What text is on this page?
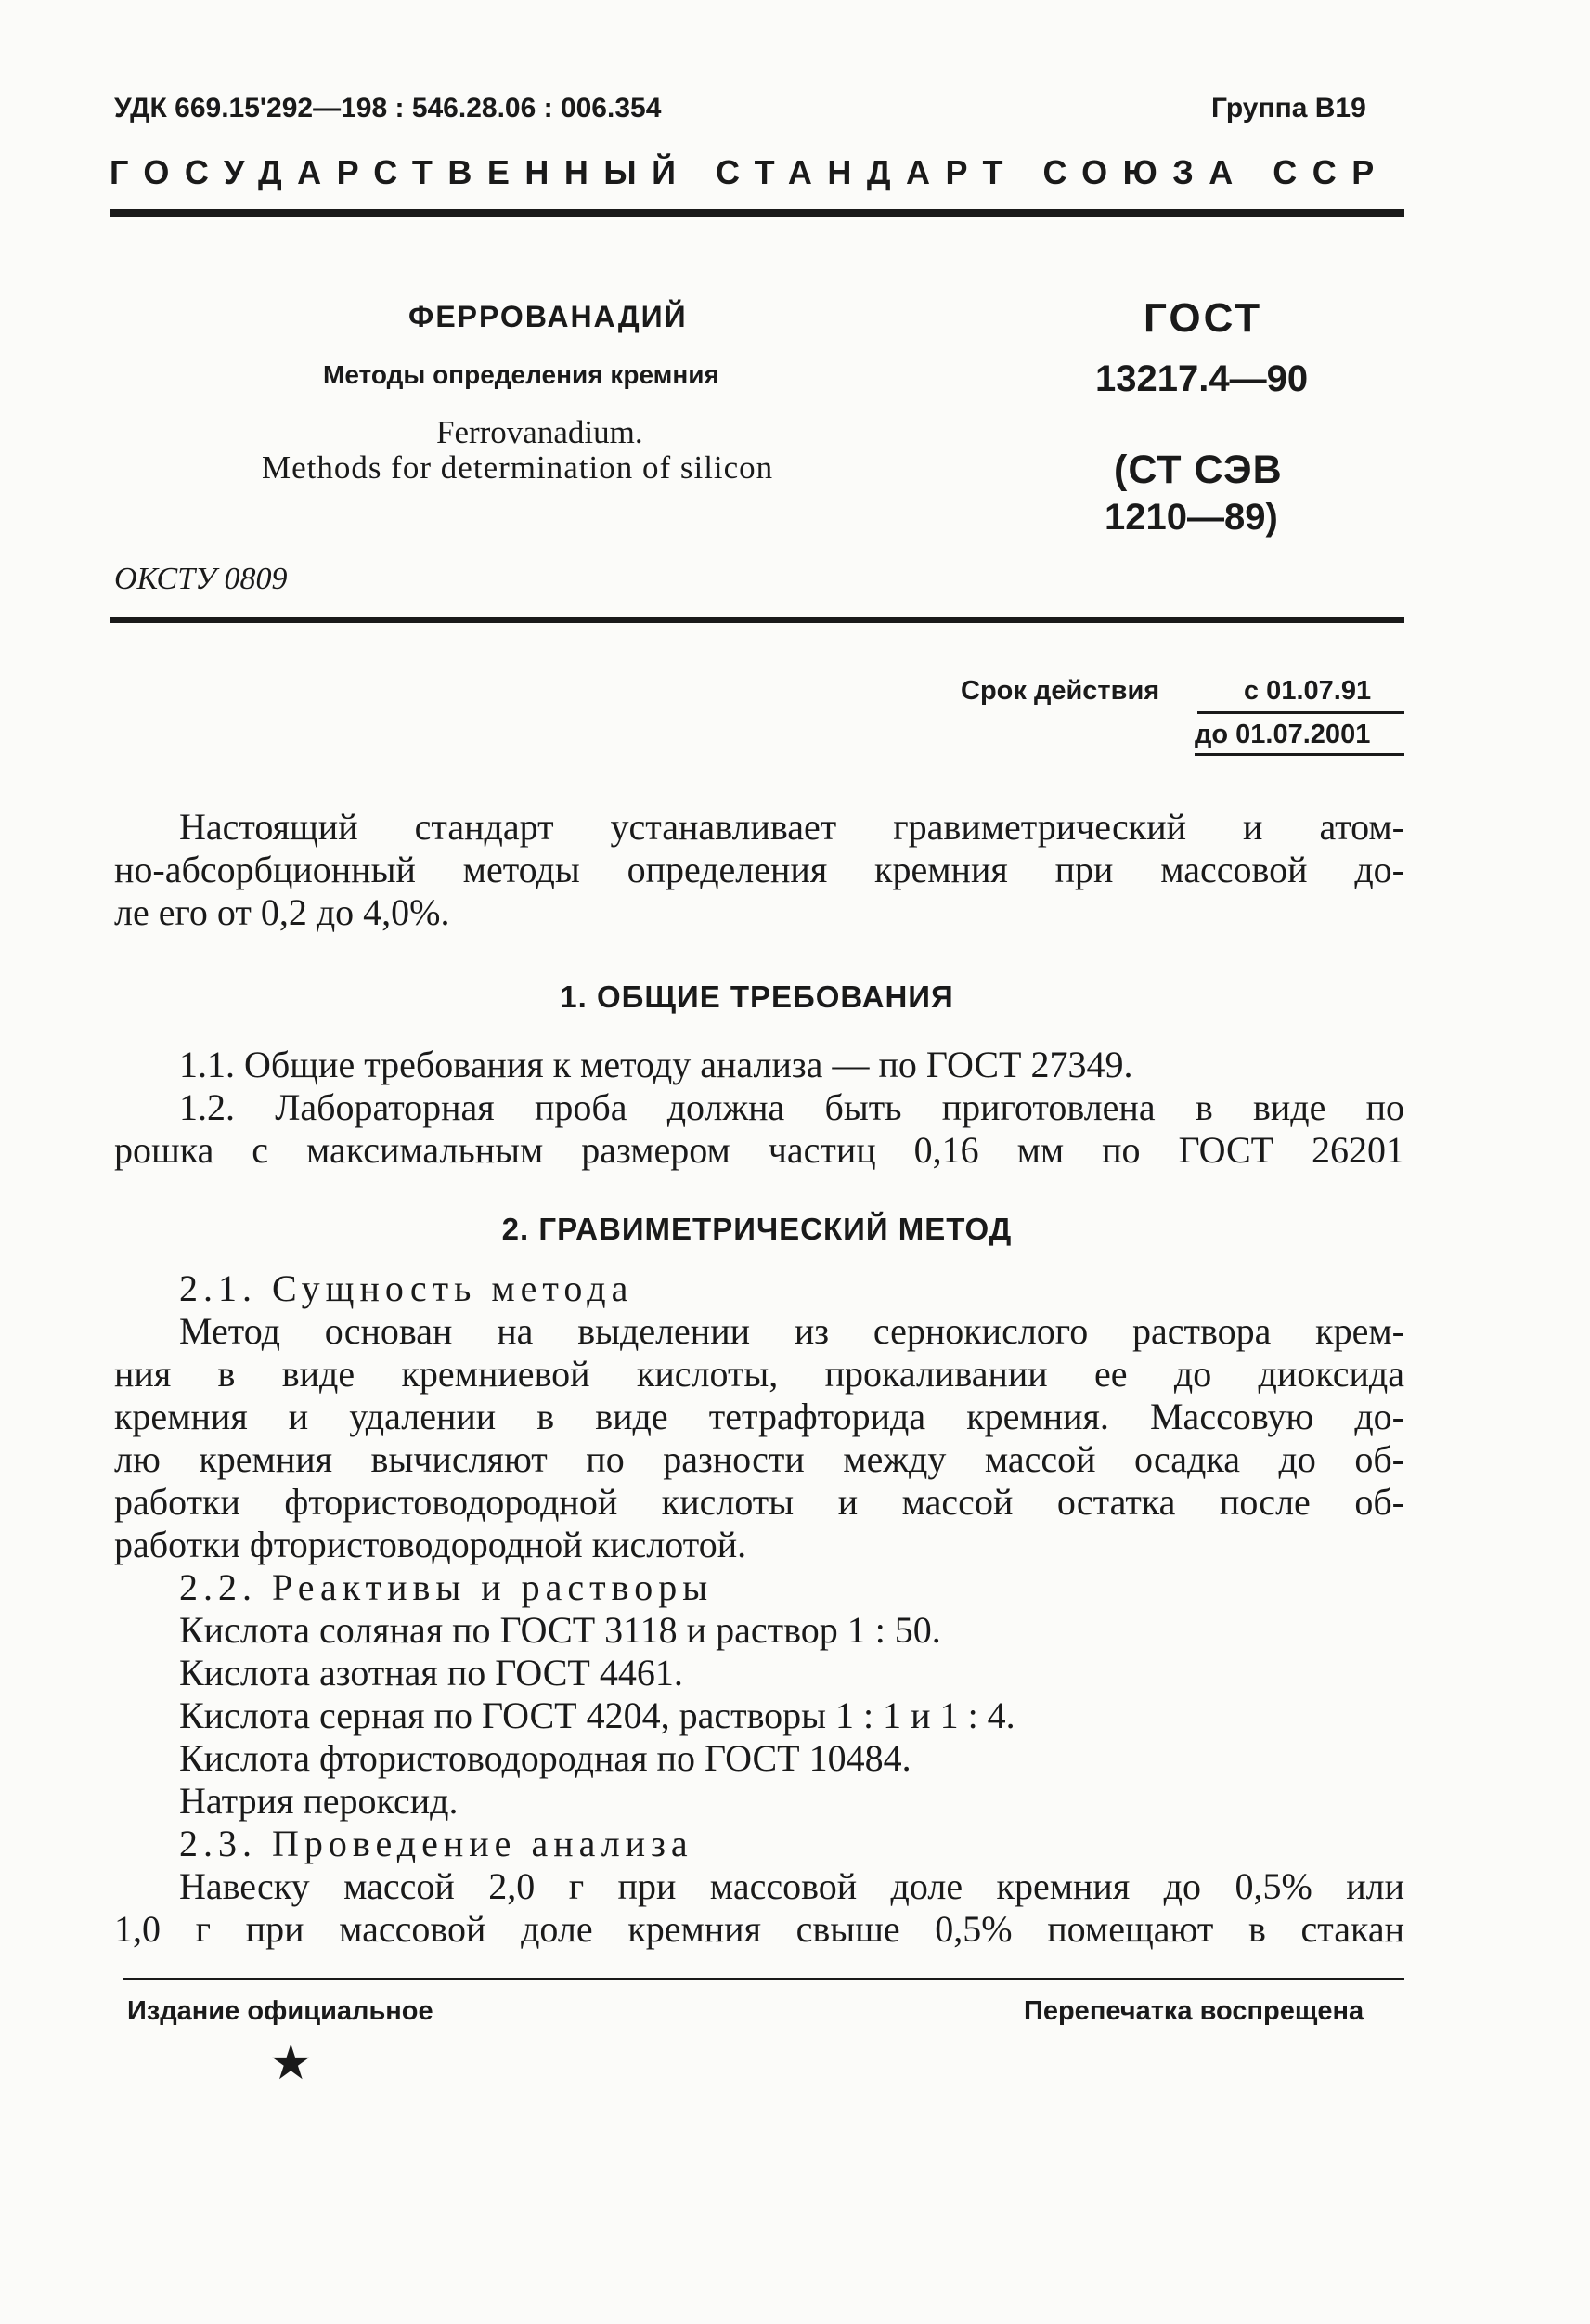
УДК 669.15'292—198 : 546.28.06 : 006.354	Группа В19
ГОСУДАРСТВЕННЫЙ СТАНДАРТ СОЮЗА ССР
ФЕРРОВАНАДИЙ
Методы определения кремния
Ferrovanadium.
Methods for determination of silicon
ГОСТ
13217.4—90
(СТ СЭВ
1210—89)
ОКСТУ 0809
Срок действия	с 01.07.91
до 01.07.2001
Настоящий стандарт устанавливает гравиметрический и атом-
но-абсорбционный методы определения кремния при массовой до-
ле его от 0,2 до 4,0%.
1. ОБЩИЕ ТРЕБОВАНИЯ
1.1. Общие требования к методу анализа — по ГОСТ 27349.
1.2. Лабораторная проба должна быть приготовлена в виде по
рошка с максимальным размером частиц 0,16 мм по ГОСТ 26201
2. ГРАВИМЕТРИЧЕСКИЙ МЕТОД
2.1. Сущность метода
Метод основан на выделении из сернокислого раствора крем-
ния в виде кремниевой кислоты, прокаливании ее до диоксида
кремния и удалении в виде тетрафторида кремния. Массовую до-
лю кремния вычисляют по разности между массой осадка до об-
работки фтористоводородной кислоты и массой остатка после об-
работки фтористоводородной кислотой.
2.2. Реактивы и растворы
Кислота соляная по ГОСТ 3118 и раствор 1 : 50.
Кислота азотная по ГОСТ 4461.
Кислота серная по ГОСТ 4204, растворы 1 : 1 и 1 : 4.
Кислота фтористоводородная по ГОСТ 10484.
Натрия пероксид.
2.3. Проведение анализа
Навеску массой 2,0 г при массовой доле кремния до 0,5% или
1,0 г при массовой доле кремния свыше 0,5% помещают в стакан
Издание официальное	Перепечатка воспрещена
★
